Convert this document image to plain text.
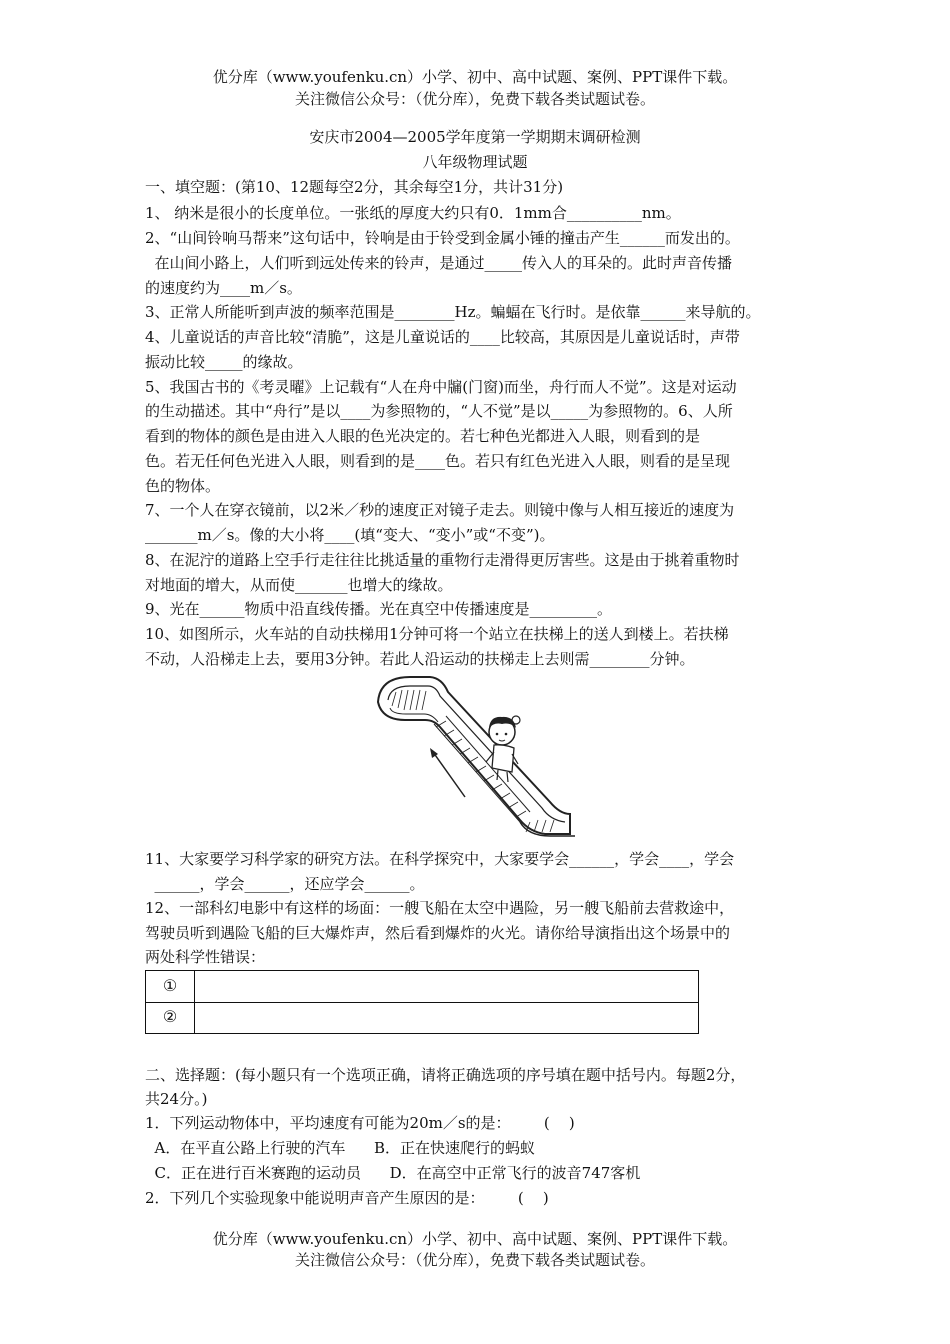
优分库（www.youfenku.cn）小学、初中、高中试题、案例、PPT课件下载。
关注微信公众号：（优分库），免费下载各类试题试卷。
安庆市2004—2005学年度第一学期期末调研检测
八年级物理试题
一、填空题：(第10、12题每空2分，其余每空1分，共计31分)
1、 纳米是很小的长度单位。一张纸的厚度大约只有0．1mm合__________nm。
2、“山间铃响马帮来”这句话中，铃响是由于铃受到金属小锤的撞击产生______而发出的。
在山间小路上，人们听到远处传来的铃声，是通过_____传入人的耳朵的。此时声音传播
的速度约为____m／s。
3、正常人所能听到声波的频率范围是________Hz。蝙蝠在飞行时。是依靠______来导航的。
4、儿童说话的声音比较“清脆”，这是儿童说话的____比较高，其原因是儿童说话时，声带
振动比较_____的缘故。
5、我国古书的《考灵曜》上记载有“人在舟中牖(门窗)而坐，舟行而人不觉”。这是对运动
的生动描述。其中“舟行”是以____为参照物的，“人不觉”是以_____为参照物的。6、人所
看到的物体的颜色是由进入人眼的色光决定的。若七种色光都进入人眼，则看到的是
色。若无任何色光进入人眼，则看到的是____色。若只有红色光进入人眼，则看的是呈现
色的物体。
7、一个人在穿衣镜前，以2米／秒的速度正对镜子走去。则镜中像与人相互接近的速度为
_______m／s。像的大小将____(填“变大、“变小”或“不变”)。
8、在泥泞的道路上空手行走往往比挑适量的重物行走滑得更厉害些。这是由于挑着重物时
对地面的增大，从而使_______也增大的缘故。
9、光在______物质中沿直线传播。光在真空中传播速度是_________。
10、如图所示，火车站的自动扶梯用1分钟可将一个站立在扶梯上的送人到楼上。若扶梯
不动，人沿梯走上去，要用3分钟。若此人沿运动的扶梯走上去则需________分钟。
11、大家要学习科学家的研究方法。在科学探究中，大家要学会______，学会____，学会
______，学会______，还应学会______。
12、一部科幻电影中有这样的场面：一艘飞船在太空中遇险，另一艘飞船前去营救途中，
驾驶员听到遇险飞船的巨大爆炸声，然后看到爆炸的火光。请你给导演指出这个场景中的
两处科学性错误：
①
②
二、选择题：(每小题只有一个选项正确，请将正确选项的序号填在题中括号内。每题2分，
共24分。)
1．下列运动物体中，平均速度有可能为20m／s的是：       (    )
A．在平直公路上行驶的汽车      B．正在快速爬行的蚂蚁
C．正在进行百米赛跑的运动员      D．在高空中正常飞行的波音747客机
2．下列几个实验现象中能说明声音产生原因的是：       (    )
优分库（www.youfenku.cn）小学、初中、高中试题、案例、PPT课件下载。
关注微信公众号：（优分库），免费下载各类试题试卷。
